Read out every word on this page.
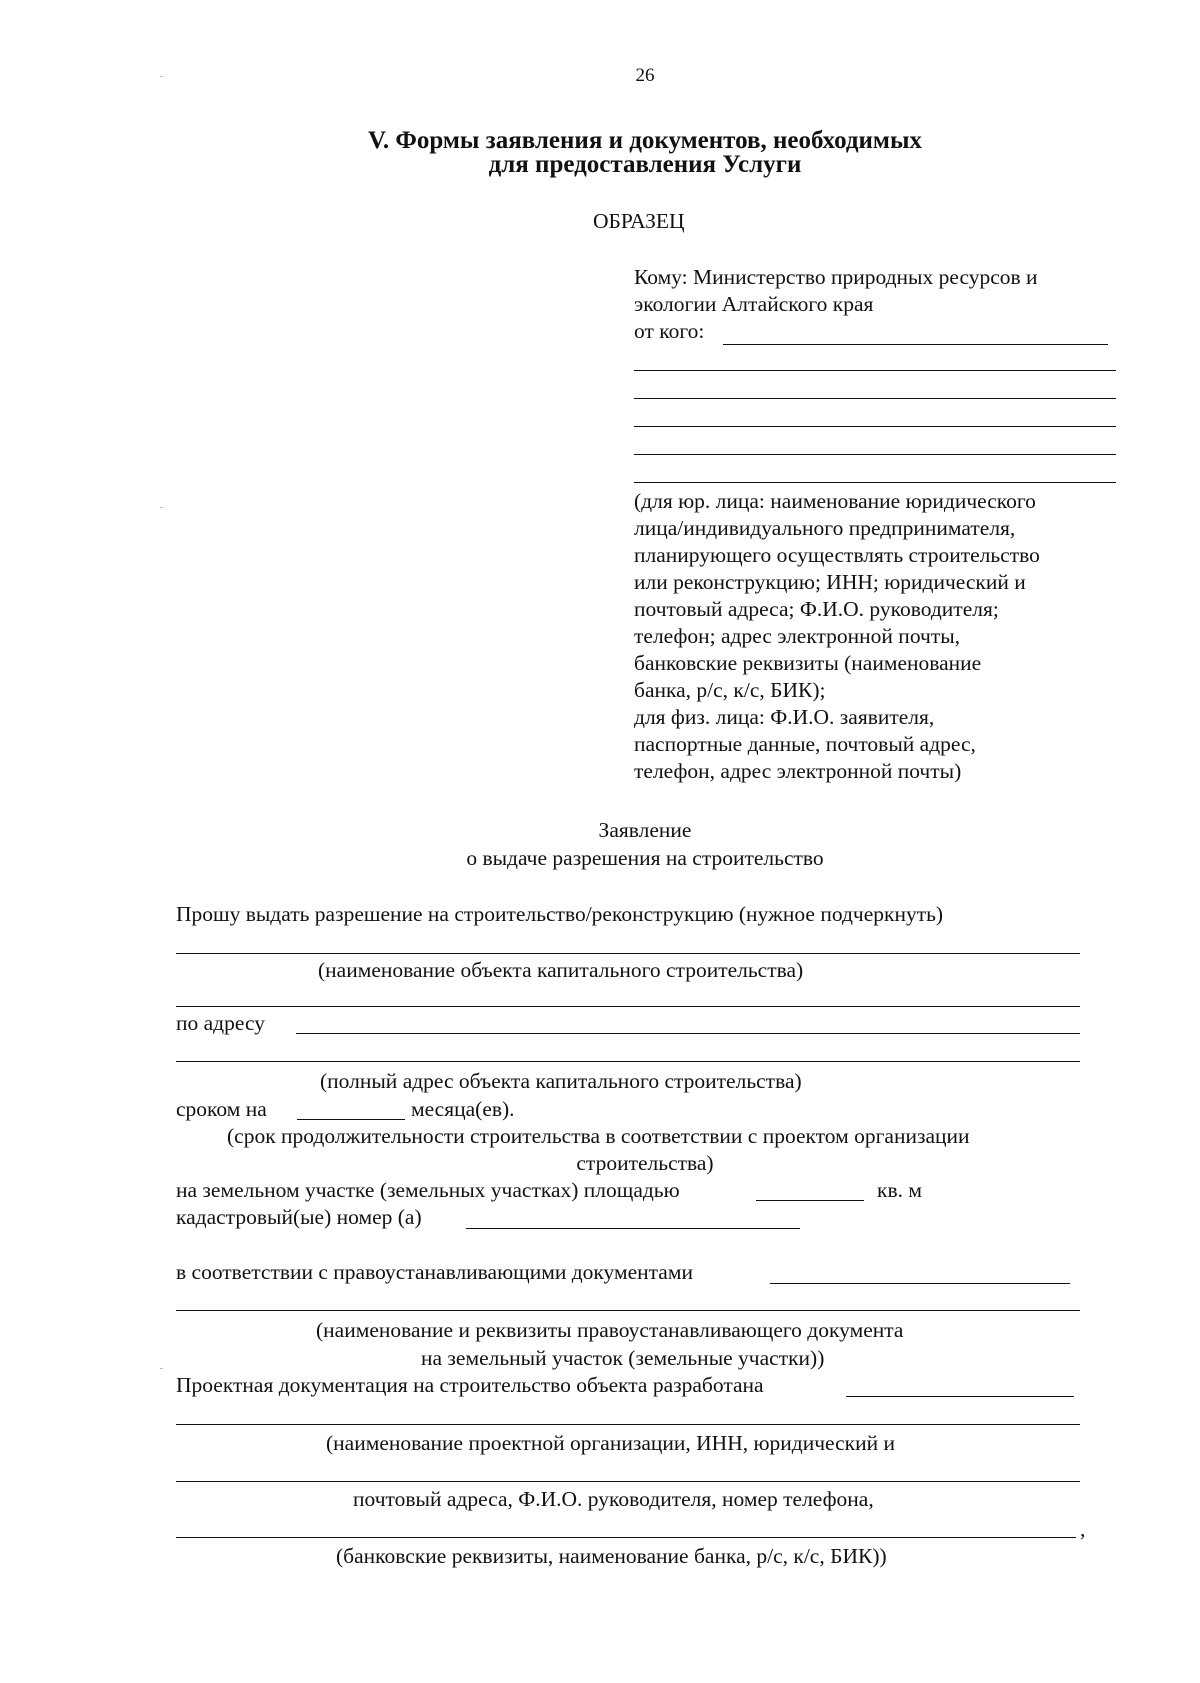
26
V. Формы заявления и документов, необходимых
для предоставления Услуги
ОБРАЗЕЦ
Кому: Министерство природных ресурсов и
экологии Алтайского края
от кого:
(для юр. лица: наименование юридического
лица/индивидуального предпринимателя,
планирующего осуществлять строительство
или реконструкцию; ИНН; юридический и
почтовый адреса; Ф.И.О. руководителя;
телефон; адрес электронной почты,
банковские реквизиты (наименование
банка, р/с, к/с, БИК);
для физ. лица: Ф.И.О. заявителя,
паспортные данные, почтовый адрес,
телефон, адрес электронной почты)
Заявление
о выдаче разрешения на строительство
Прошу выдать разрешение на строительство/реконструкцию (нужное подчеркнуть)
(наименование объекта капитального строительства)
по адресу
(полный адрес объекта капитального строительства)
сроком на	месяца(ев).
(срок продолжительности строительства в соответствии с проектом организации
строительства)
на земельном участке (земельных участках) площадью	кв. м
кадастровый(ые) номер (а)
в соответствии с правоустанавливающими документами
(наименование и реквизиты правоустанавливающего документа
на земельный участок (земельные участки))
Проектная документация на строительство объекта разработана
(наименование проектной организации, ИНН, юридический и
почтовый адреса, Ф.И.О. руководителя, номер телефона,
,
(банковские реквизиты, наименование банка, р/с, к/с, БИК))
